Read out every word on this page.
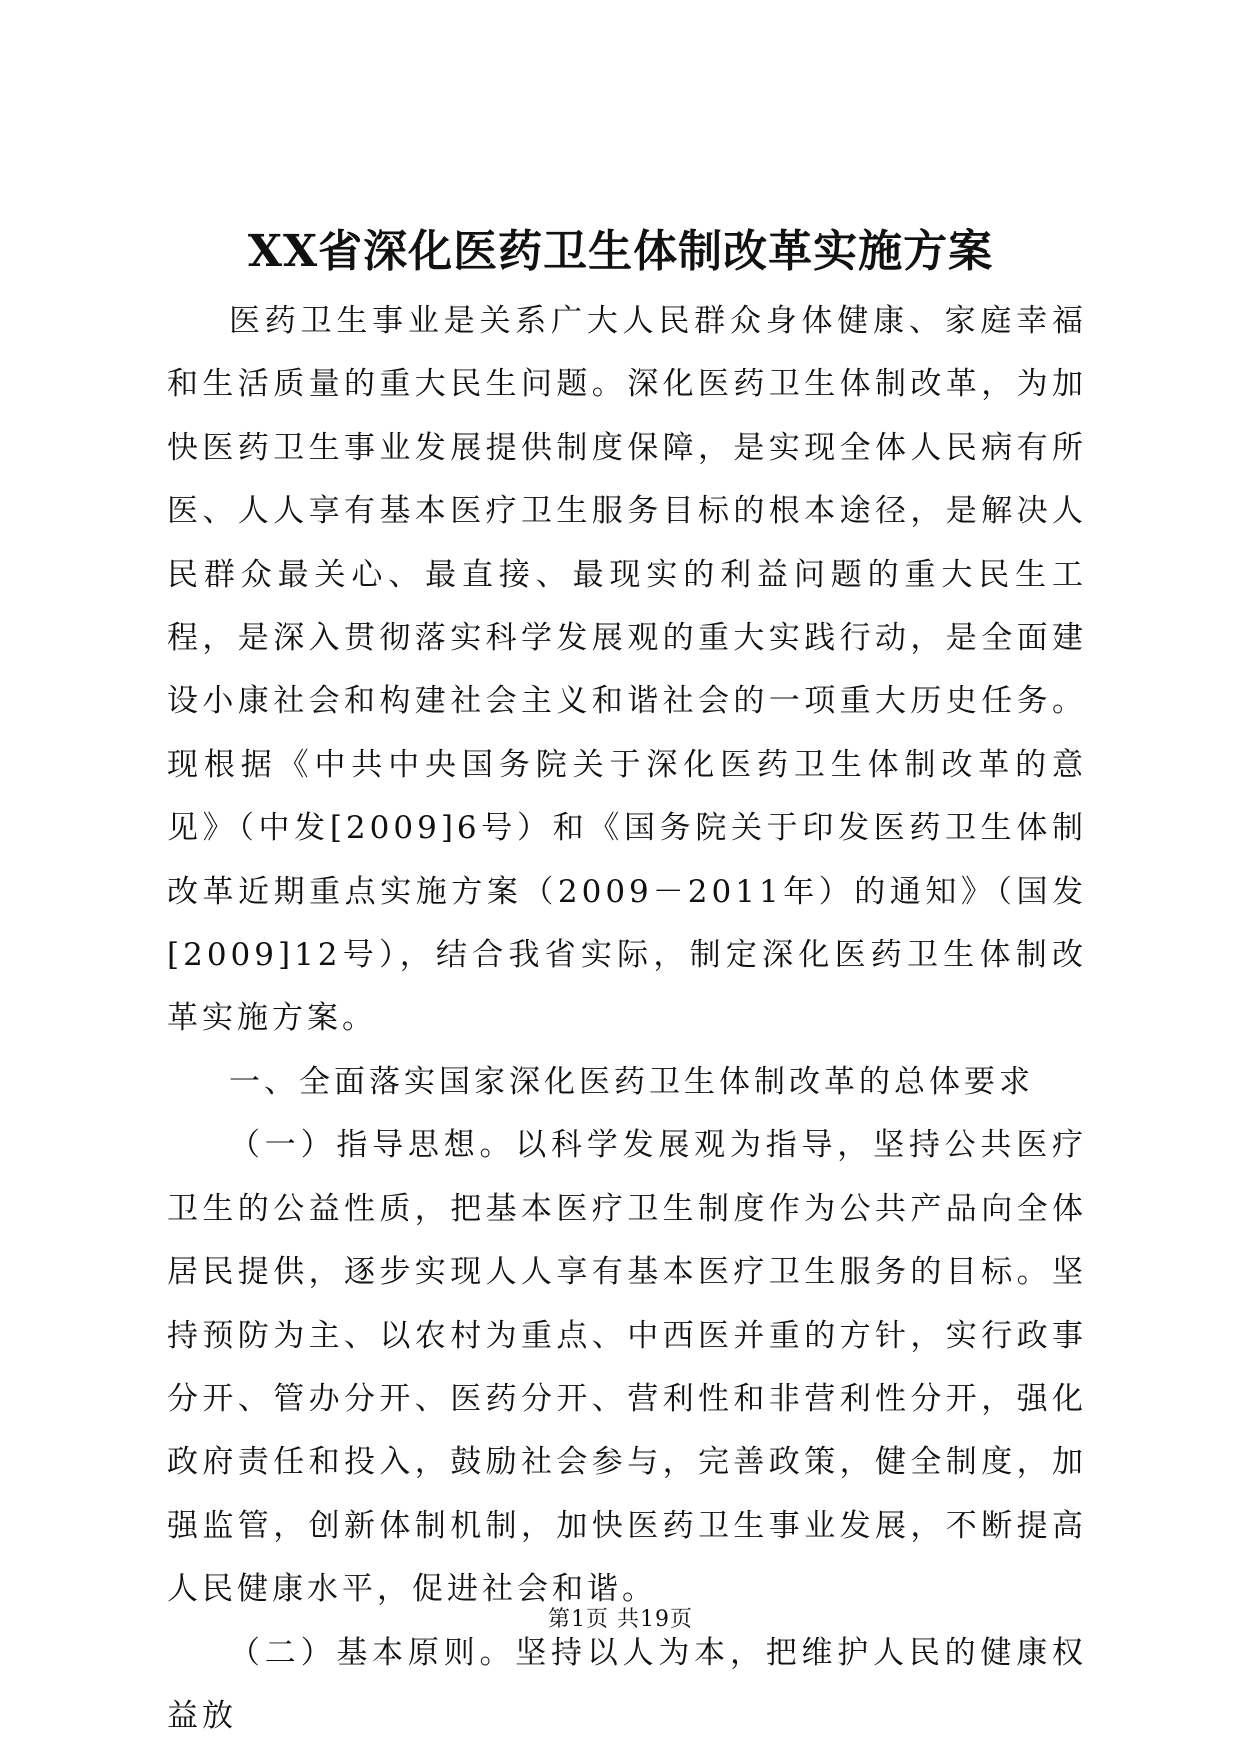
XX省深化医药卫生体制改革实施方案

医药卫生事业是关系广大人民群众身体健康、家庭幸福和生活质量的重大民生问题。深化医药卫生体制改革，为加快医药卫生事业发展提供制度保障，是实现全体人民病有所医、人人享有基本医疗卫生服务目标的根本途径，是解决人民群众最关心、最直接、最现实的利益问题的重大民生工程，是深入贯彻落实科学发展观的重大实践行动，是全面建设小康社会和构建社会主义和谐社会的一项重大历史任务。现根据《中共中央国务院关于深化医药卫生体制改革的意见》（中发[2009]6号）和《国务院关于印发医药卫生体制改革近期重点实施方案（2009－2011年）的通知》（国发[2009]12号），结合我省实际，制定深化医药卫生体制改革实施方案。

一、全面落实国家深化医药卫生体制改革的总体要求

（一）指导思想。以科学发展观为指导，坚持公共医疗卫生的公益性质，把基本医疗卫生制度作为公共产品向全体居民提供，逐步实现人人享有基本医疗卫生服务的目标。坚持预防为主、以农村为重点、中西医并重的方针，实行政事分开、管办分开、医药分开、营利性和非营利性分开，强化政府责任和投入，鼓励社会参与，完善政策，健全制度，加强监管，创新体制机制，加快医药卫生事业发展，不断提高人民健康水平，促进社会和谐。

（二）基本原则。坚持以人为本，把维护人民的健康权益放

第1页 共19页
